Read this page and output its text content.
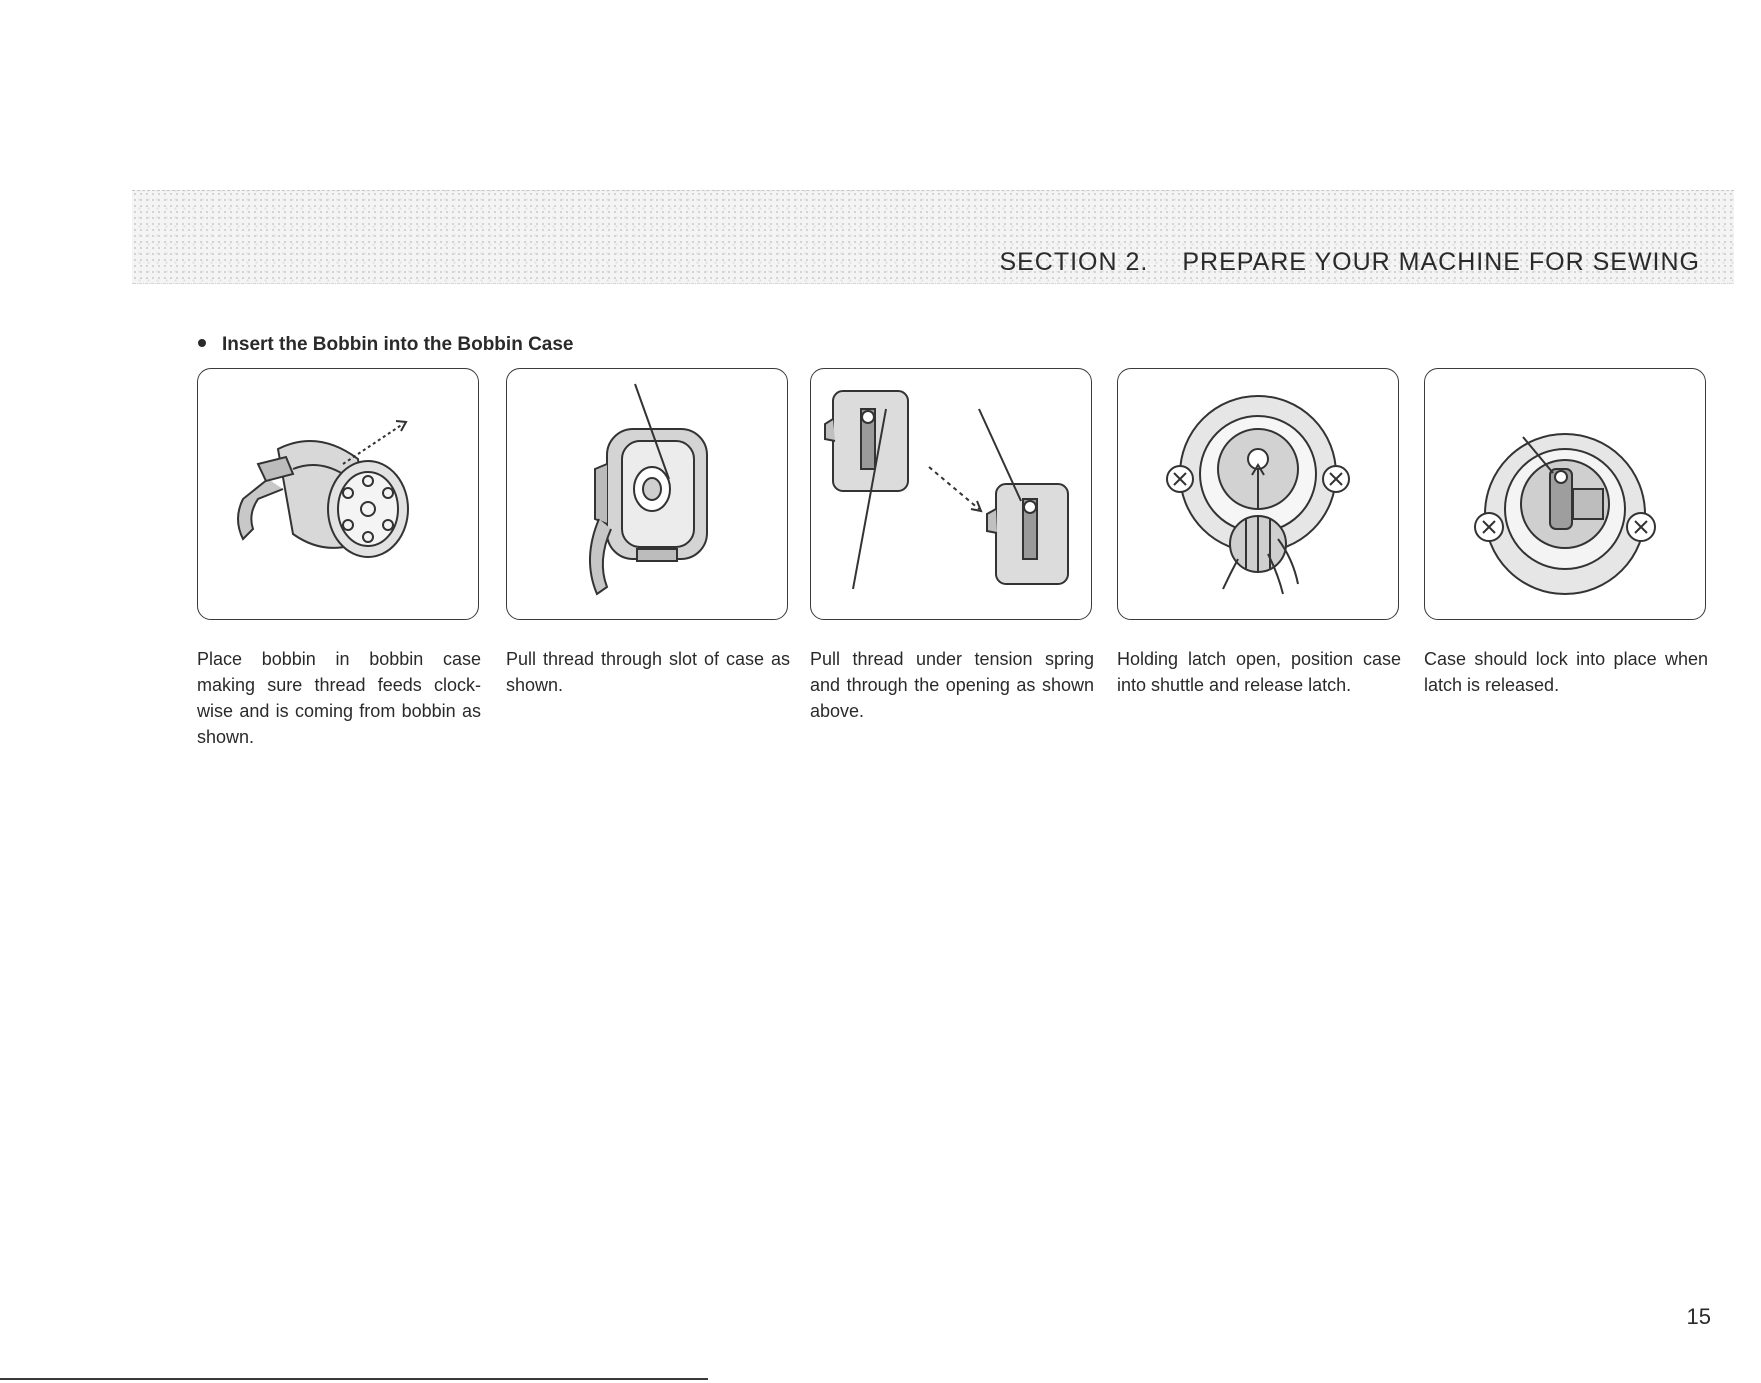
SECTION 2. PREPARE YOUR MACHINE FOR SEWING
Insert the Bobbin into the Bobbin Case

Place bobbin in bobbin case making sure thread feeds clock-wise and is coming from bobbin as shown.

Pull thread through slot of case as shown.

Pull thread under tension spring and through the opening as shown above.

Holding latch open, position case into shuttle and release latch.

Case should lock into place when latch is released.

15
